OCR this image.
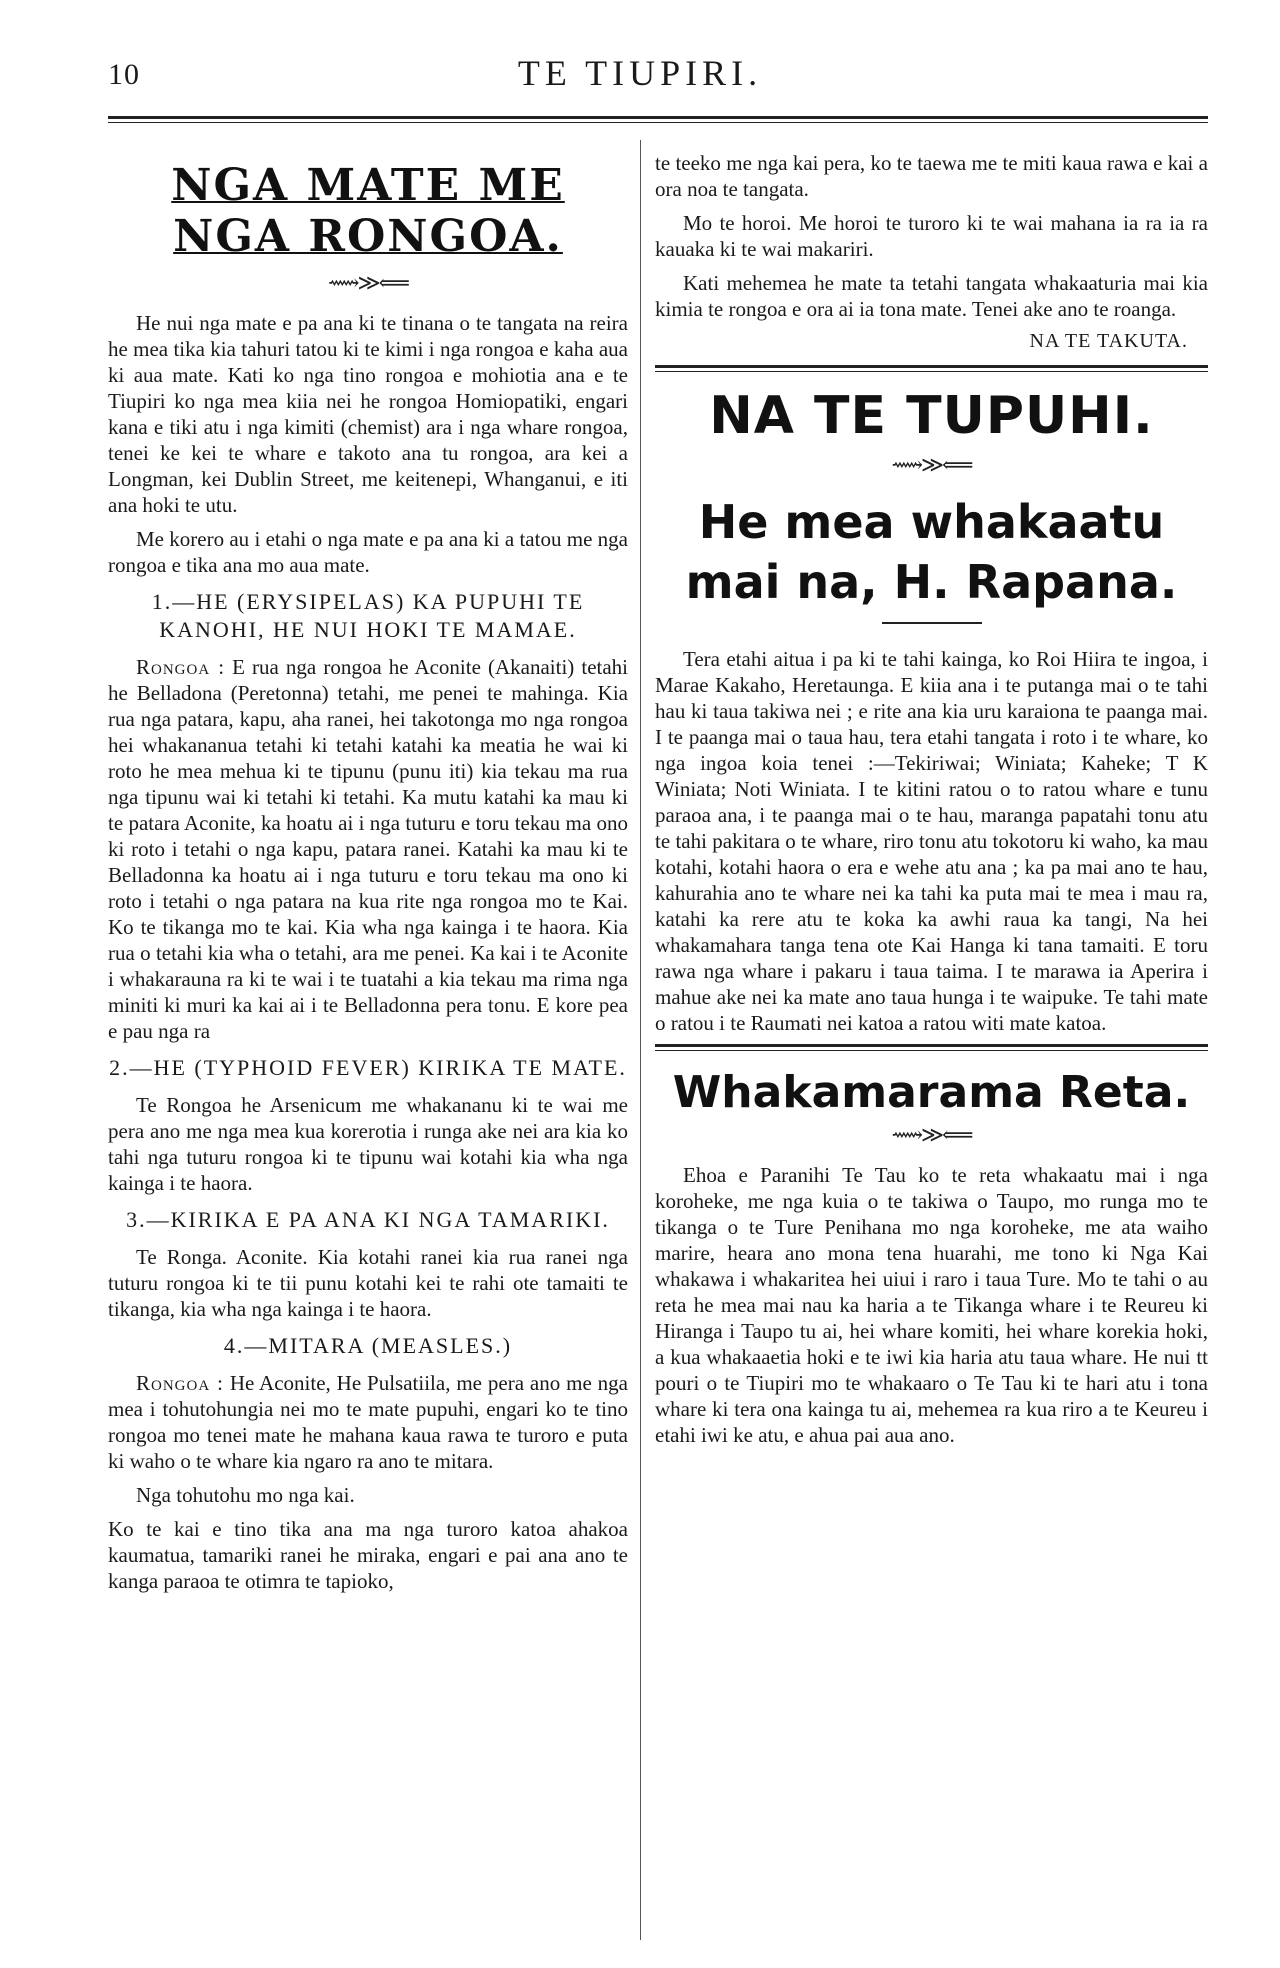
10	TE TIUPIRI.
NGA MATE ME NGA RONGOA.
⟿≫⟸

He nui nga mate e pa ana ki te tinana o te tangata na reira he mea tika kia tahuri tatou ki te kimi i nga rongoa e kaha aua ki aua mate. Kati ko nga tino rongoa e mohiotia ana e te Tiupiri ko nga mea kiia nei he rongoa Homiopatiki, engari kana e tiki atu i nga kimiti (chemist) ara i nga whare rongoa, tenei ke kei te whare e takoto ana tu rongoa, ara kei a Longman, kei Dublin Street, me keitenepi, Whanganui, e iti ana hoki te utu.

Me korero au i etahi o nga mate e pa ana ki a tatou me nga rongoa e tika ana mo aua mate.

1.—HE (ERYSIPELAS) KA PUPUHI TE KANOHI, HE NUI HOKI TE MAMAE.

Rongoa : E rua nga rongoa he Aconite (Akanaiti) tetahi he Belladona (Peretonna) tetahi, me penei te mahinga. Kia rua nga patara, kapu, aha ranei, hei takotonga mo nga rongoa hei whakananua tetahi ki tetahi katahi ka meatia he wai ki roto he mea mehua ki te tipunu (punu iti) kia tekau ma rua nga tipunu wai ki tetahi ki tetahi. Ka mutu katahi ka mau ki te patara Aconite, ka hoatu ai i nga tuturu e toru tekau ma ono ki roto i tetahi o nga kapu, patara ranei. Katahi ka mau ki te Belladonna ka hoatu ai i nga tuturu e toru tekau ma ono ki roto i tetahi o nga patara na kua rite nga rongoa mo te Kai. Ko te tikanga mo te kai. Kia wha nga kainga i te haora. Kia rua o tetahi kia wha o tetahi, ara me penei. Ka kai i te Aconite i whakarauna ra ki te wai i te tuatahi a kia tekau ma rima nga miniti ki muri ka kai ai i te Belladonna pera tonu. E kore pea e pau nga ra

2.—HE (TYPHOID FEVER) KIRIKA TE MATE.

Te Rongoa he Arsenicum me whakananu ki te wai me pera ano me nga mea kua korerotia i runga ake nei ara kia ko tahi nga tuturu rongoa ki te tipunu wai kotahi kia wha nga kainga i te haora.

3.—KIRIKA E PA ANA KI NGA TAMARIKI.

Te Ronga. Aconite. Kia kotahi ranei kia rua ranei nga tuturu rongoa ki te tii punu kotahi kei te rahi ote tamaiti te tikanga, kia wha nga kainga i te haora.

4.—MITARA (MEASLES.)

Rongoa : He Aconite, He Pulsatiila, me pera ano me nga mea i tohutohungia nei mo te mate pupuhi, engari ko te tino rongoa mo tenei mate he mahana kaua rawa te turoro e puta ki waho o te whare kia ngaro ra ano te mitara.

Nga tohutohu mo nga kai.

Ko te kai e tino tika ana ma nga turoro katoa ahakoa kaumatua, tamariki ranei he miraka, engari e pai ana ano te kanga paraoa te otimra te tapioko,

te teeko me nga kai pera, ko te taewa me te miti kaua rawa e kai a ora noa te tangata.

Mo te horoi. Me horoi te turoro ki te wai mahana ia ra ia ra kauaka ki te wai makariri.

Kati mehemea he mate ta tetahi tangata whakaaturia mai kia kimia te rongoa e ora ai ia tona mate. Tenei ake ano te roanga.

NA TE TAKUTA.
NA TE TUPUHI.
⟿≫⟸
He mea whakaatu mai na, H. Rapana.

Tera etahi aitua i pa ki te tahi kainga, ko Roi Hiira te ingoa, i Marae Kakaho, Heretaunga. E kiia ana i te putanga mai o te tahi hau ki taua takiwa nei ; e rite ana kia uru karaiona te paanga mai. I te paanga mai o taua hau, tera etahi tangata i roto i te whare, ko nga ingoa koia tenei :—Tekiriwai; Winiata; Kaheke; T K Winiata; Noti Winiata. I te kitini ratou o to ratou whare e tunu paraoa ana, i te paanga mai o te hau, maranga papatahi tonu atu te tahi pakitara o te whare, riro tonu atu tokotoru ki waho, ka mau kotahi, kotahi haora o era e wehe atu ana ; ka pa mai ano te hau, kahurahia ano te whare nei ka tahi ka puta mai te mea i mau ra, katahi ka rere atu te koka ka awhi raua ka tangi, Na hei whakamahara tanga tena ote Kai Hanga ki tana tamaiti. E toru rawa nga whare i pakaru i taua taima. I te marawa ia Aperira i mahue ake nei ka mate ano taua hunga i te waipuke. Te tahi mate o ratou i te Raumati nei katoa a ratou witi mate katoa.

Whakamarama Reta.
⟿≫⟸

Ehoa e Paranihi Te Tau ko te reta whakaatu mai i nga koroheke, me nga kuia o te takiwa o Taupo, mo runga mo te tikanga o te Ture Penihana mo nga koroheke, me ata waiho marire, heara ano mona tena huarahi, me tono ki Nga Kai whakawa i whakaritea hei uiui i raro i taua Ture. Mo te tahi o au reta he mea mai nau ka haria a te Tikanga whare i te Reureu ki Hiranga i Taupo tu ai, hei whare komiti, hei whare korekia hoki, a kua whakaaetia hoki e te iwi kia haria atu taua whare. He nui tt pouri o te Tiupiri mo te whakaaro o Te Tau ki te hari atu i tona whare ki tera ona kainga tu ai, mehemea ra kua riro a te Keureu i etahi iwi ke atu, e ahua pai aua ano.
